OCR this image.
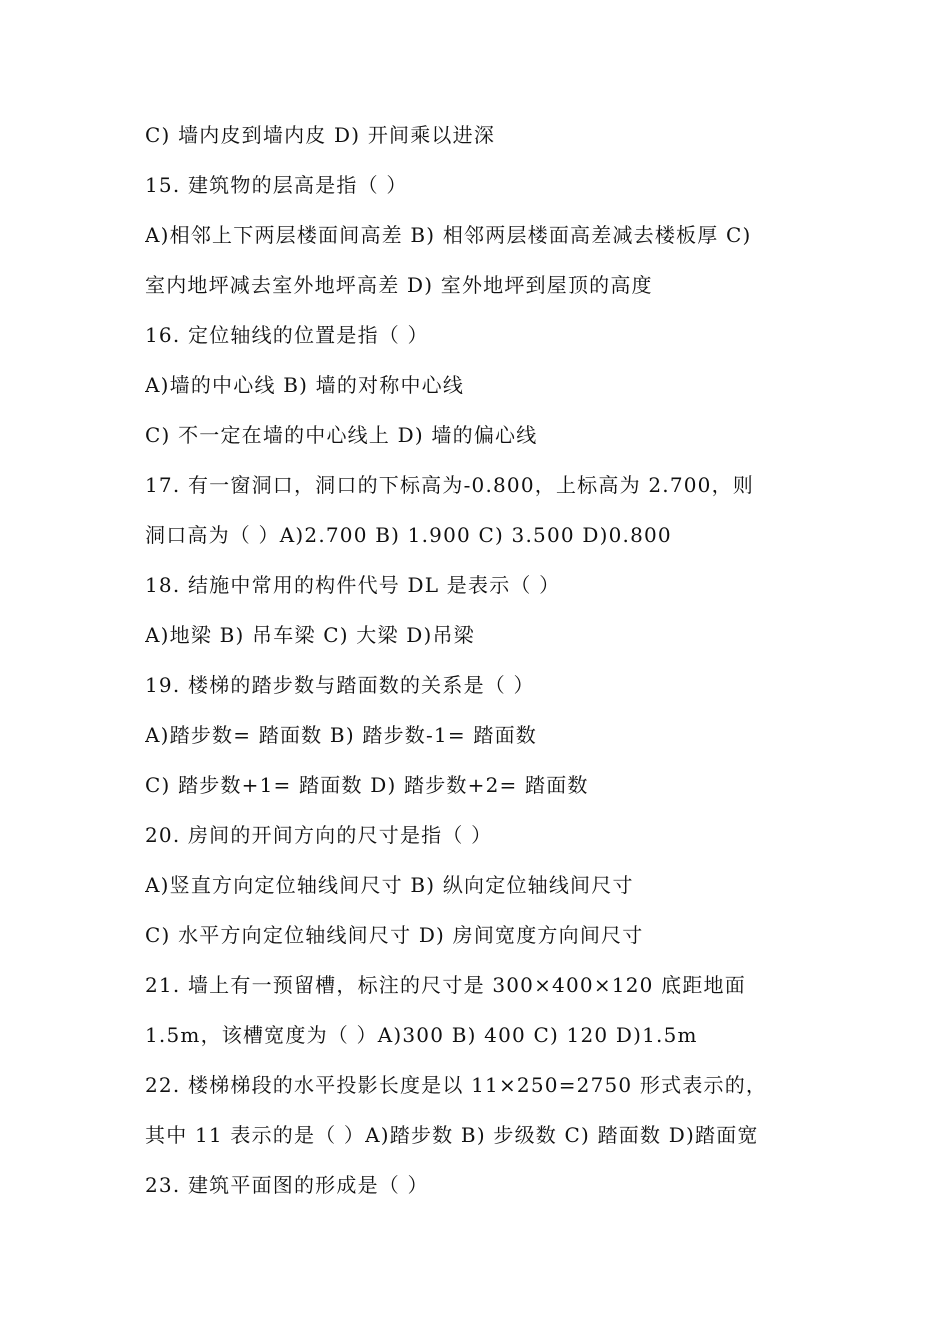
C) 墙内皮到墙内皮 D) 开间乘以进深
15. 建筑物的层高是指（ ）
A)相邻上下两层楼面间高差 B) 相邻两层楼面高差减去楼板厚 C)
室内地坪减去室外地坪高差 D) 室外地坪到屋顶的高度
16. 定位轴线的位置是指（ ）
A)墙的中心线 B) 墙的对称中心线
C) 不一定在墙的中心线上 D) 墙的偏心线
17. 有一窗洞口，洞口的下标高为-0.800，上标高为 2.700，则
洞口高为（ ）A)2.700 B) 1.900 C) 3.500 D)0.800
18. 结施中常用的构件代号 DL 是表示（ ）
A)地梁 B) 吊车梁 C) 大梁 D)吊梁
19. 楼梯的踏步数与踏面数的关系是（ ）
A)踏步数= 踏面数 B) 踏步数-1= 踏面数
C) 踏步数+1= 踏面数 D) 踏步数+2= 踏面数
20. 房间的开间方向的尺寸是指（ ）
A)竖直方向定位轴线间尺寸 B) 纵向定位轴线间尺寸
C) 水平方向定位轴线间尺寸 D) 房间宽度方向间尺寸
21. 墙上有一预留槽，标注的尺寸是 300×400×120 底距地面
1.5m，该槽宽度为（ ）A)300 B) 400 C) 120 D)1.5m
22. 楼梯梯段的水平投影长度是以 11×250=2750 形式表示的，
其中 11 表示的是（ ）A)踏步数 B) 步级数 C) 踏面数 D)踏面宽
23. 建筑平面图的形成是（ ）
